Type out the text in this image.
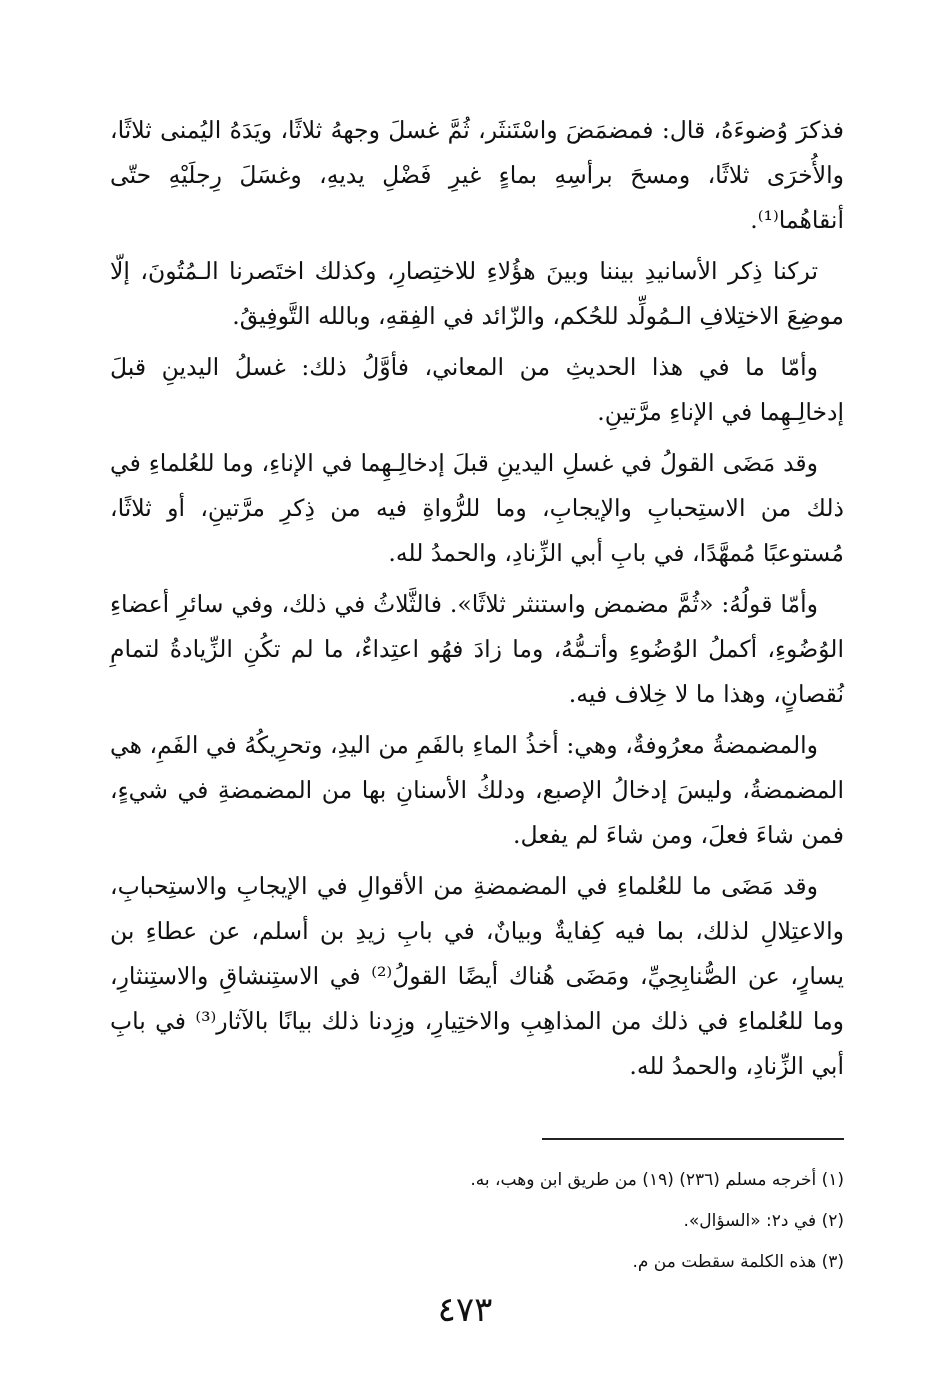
فذكرَ وُضوءَهُ، قال: فمضمَضَ واسْتَنثَر، ثُمَّ غسلَ وجههُ ثلاثًا، ويَدَهُ اليُمنى ثلاثًا، والأُخرَى ثلاثًا، ومسحَ برأسِهِ بماءٍ غيرِ فَضْلِ يديهِ، وغسَلَ رِجلَيْهِ حتّى أنقاهُما⁽¹⁾.

تركنا ذِكر الأسانيدِ بيننا وبينَ هؤُلاءِ للاختِصارِ، وكذلك اختَصرنا الـمُتُونَ، إلّا موضِعَ الاختِلافِ الـمُولِّد للحُكم، والزّائد في الفِقهِ، وبالله التَّوفِيقُ.

وأمّا ما في هذا الحديثِ من المعاني، فأوَّلُ ذلك: غسلُ اليدينِ قبلَ إدخالِـهِما في الإناءِ مرَّتينِ.

وقد مَضَى القولُ في غسلِ اليدينِ قبلَ إدخالِـهِما في الإناءِ، وما للعُلماءِ في ذلك من الاستِحبابِ والإيجابِ، وما للرُّواةِ فيه من ذِكرِ مرَّتينِ، أو ثلاثًا، مُستوعبًا مُمهَّدًا، في بابِ أبي الزِّنادِ، والحمدُ لله.

وأمّا قولُهُ: «ثُمَّ مضمض واستنثر ثلاثًا». فالثَّلاثُ في ذلك، وفي سائرِ أعضاءِ الوُضُوءِ، أكملُ الوُضُوءِ وأتـمُّهُ، وما زادَ فهُو اعتِداءٌ، ما لم تكُنِ الزِّيادةُ لتمامِ نُقصانٍ، وهذا ما لا خِلاف فيه.

والمضمضةُ معرُوفةٌ، وهي: أخذُ الماءِ بالفَمِ من اليدِ، وتحرِيكُهُ في الفَمِ، هي المضمضةُ، وليسَ إدخالُ الإصبع، ودلكُ الأسنانِ بها من المضمضةِ في شيءٍ، فمن شاءَ فعلَ، ومن شاءَ لم يفعل.

وقد مَضَى ما للعُلماءِ في المضمضةِ من الأقوالِ في الإيجابِ والاستِحبابِ، والاعتِلالِ لذلك، بما فيه كِفايةٌ وبيانٌ، في بابِ زيدِ بن أسلم، عن عطاءِ بن يسارٍ، عن الصُّنابِحِيِّ، ومَضَى هُناك أيضًا القولُ⁽²⁾ في الاستِنشاقِ والاستِنثارِ، وما للعُلماءِ في ذلك من المذاهِبِ والاختِيارِ، وزِدنا ذلك بيانًا بالآثار⁽³⁾ في بابِ أبي الزِّنادِ، والحمدُ لله.

(١) أخرجه مسلم (٢٣٦) (١٩) من طريق ابن وهب، به.
(٢) في د٢: «السؤال».
(٣) هذه الكلمة سقطت من م.
٤٧٣
